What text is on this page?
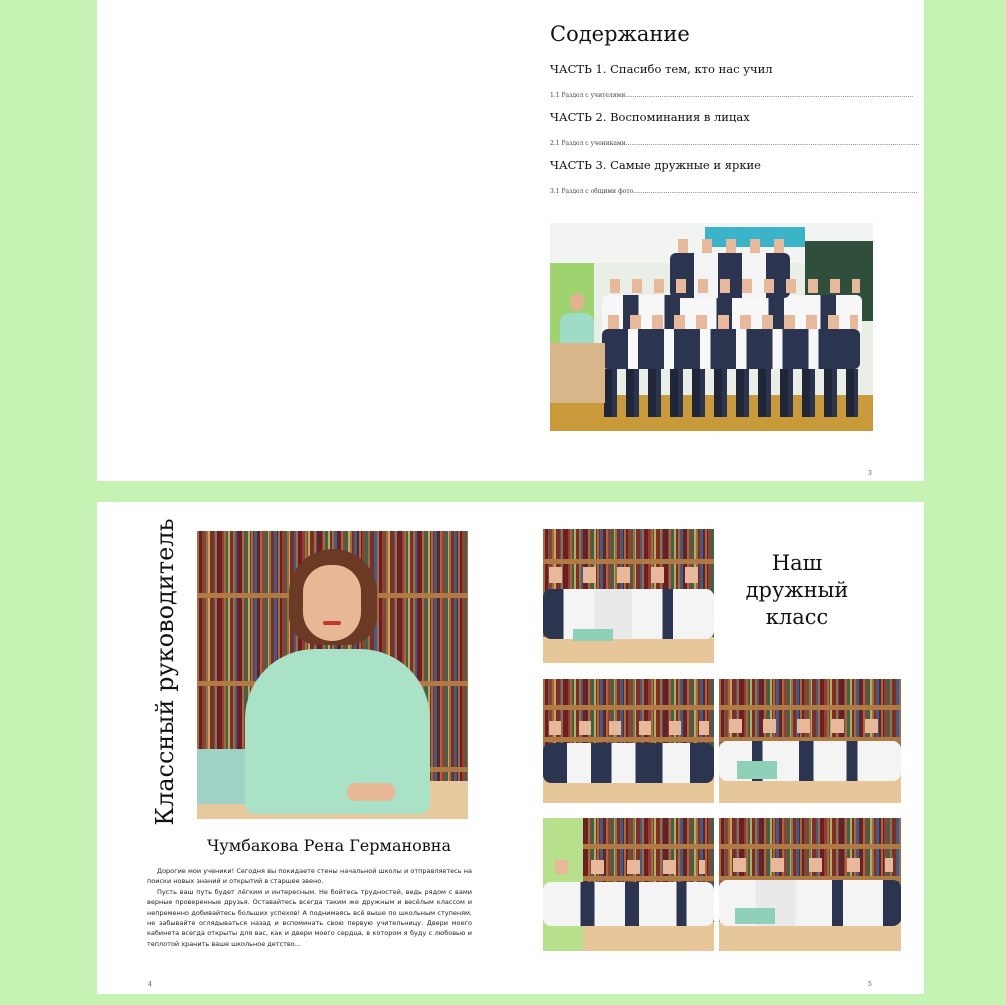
Содержание
ЧАСТЬ 1. Спасибо тем, кто нас учил
1.1 Раздел с учителями.......................................................................................................................................................
ЧАСТЬ 2. Воспоминания в лицах
2.1 Раздел с учениками..........................................................................................................................................................
ЧАСТЬ 3. Самые дружные и яркие
3.1 Раздел с общими фото.....................................................................................................................................................
3
Классный руководитель
Чумбакова Рена Германовна

Дорогие мои ученики! Сегодня вы покидаете стены начальной школы и отправляетесь на поиски новых знаний и открытий в старшее звено.

Пусть ваш путь будет лёгким и интересным. Не бойтесь трудностей, ведь рядом с вами верные проверенные друзья. Оставайтесь всегда таким же дружным и весёлым классом и непременно добивайтесь больших успехов! А поднимаясь всё выше по школьным ступеням, не забывайте оглядываться назад и вспоминать свою первую учительницу. Двери моего кабинета всегда открыты для вас, как и двери моего сердца, в котором я буду с любовью и теплотой хранить ваше школьное детство...

4
Наш
дружный
класс
5
